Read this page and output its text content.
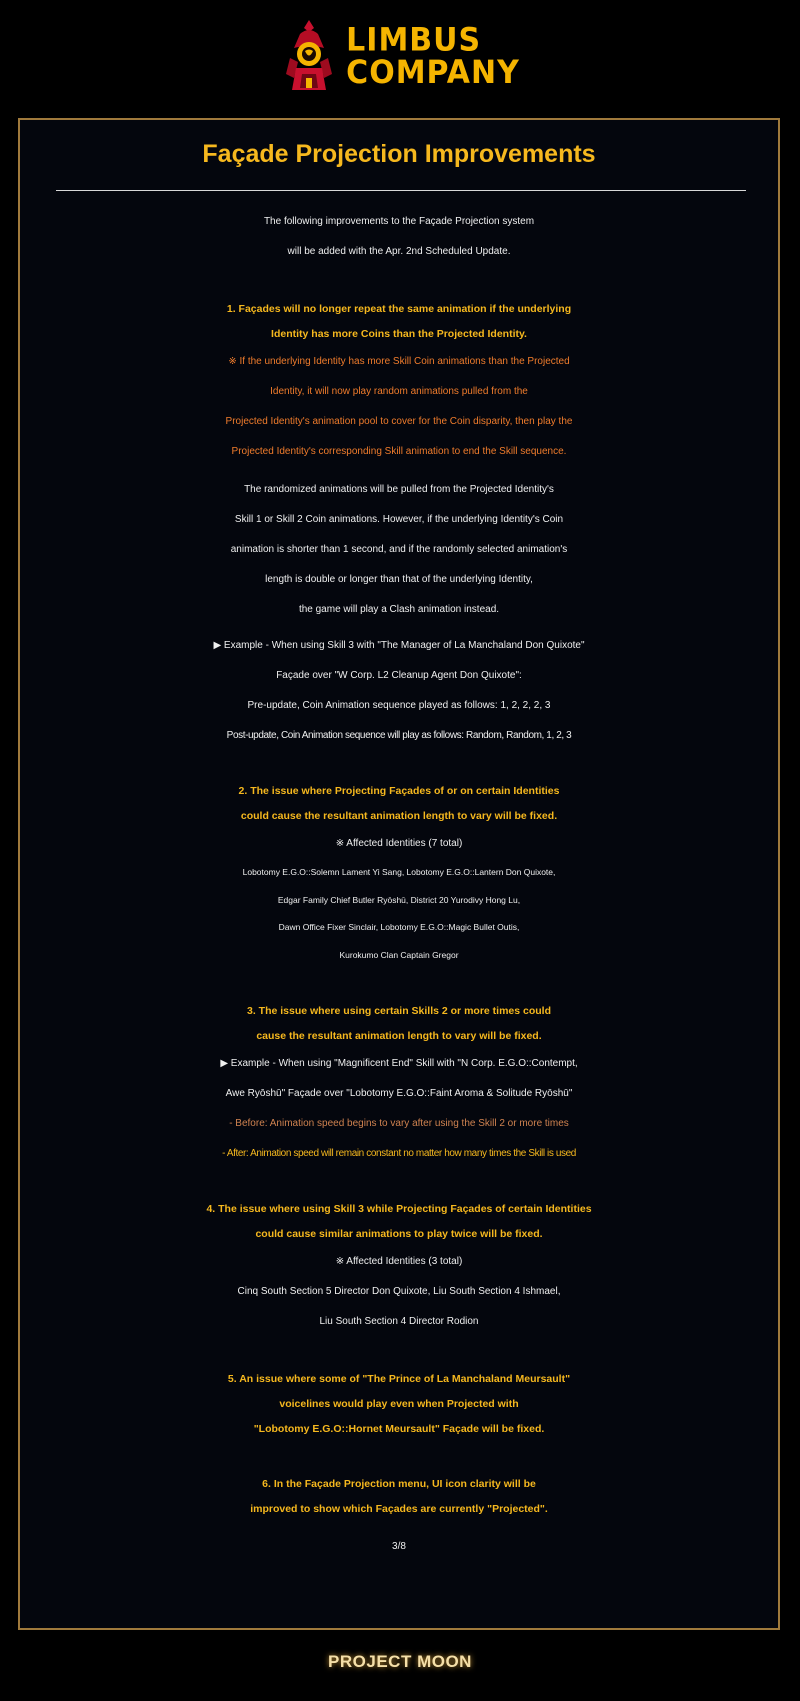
LIMBUS
COMPANY
Façade Projection Improvements

The following improvements to the Façade Projection system

will be added with the Apr. 2nd Scheduled Update.

1. Façades will no longer repeat the same animation if the underlying

Identity has more Coins than the Projected Identity.

※ If the underlying Identity has more Skill Coin animations than the Projected

Identity, it will now play random animations pulled from the

Projected Identity's animation pool to cover for the Coin disparity, then play the

Projected Identity's corresponding Skill animation to end the Skill sequence.

The randomized animations will be pulled from the Projected Identity's

Skill 1 or Skill 2 Coin animations. However, if the underlying Identity's Coin

animation is shorter than 1 second, and if the randomly selected animation's

length is double or longer than that of the underlying Identity,

the game will play a Clash animation instead.

▶ Example - When using Skill 3 with "The Manager of La Manchaland Don Quixote"

Façade over "W Corp. L2 Cleanup Agent Don Quixote":

Pre-update, Coin Animation sequence played as follows: 1, 2, 2, 2, 3

Post-update, Coin Animation sequence will play as follows: Random, Random, 1, 2, 3

2. The issue where Projecting Façades of or on certain Identities

could cause the resultant animation length to vary will be fixed.

※ Affected Identities (7 total)

Lobotomy E.G.O::Solemn Lament Yi Sang, Lobotomy E.G.O::Lantern Don Quixote,

Edgar Family Chief Butler Ryōshū, District 20 Yurodivy Hong Lu,

Dawn Office Fixer Sinclair, Lobotomy E.G.O::Magic Bullet Outis,

Kurokumo Clan Captain Gregor

3. The issue where using certain Skills 2 or more times could

cause the resultant animation length to vary will be fixed.

▶ Example - When using "Magnificent End" Skill with "N Corp. E.G.O::Contempt,

Awe Ryōshū" Façade over "Lobotomy E.G.O::Faint Aroma & Solitude Ryōshū"

- Before: Animation speed begins to vary after using the Skill 2 or more times

- After: Animation speed will remain constant no matter how many times the Skill is used

4. The issue where using Skill 3 while Projecting Façades of certain Identities

could cause similar animations to play twice will be fixed.

※ Affected Identities (3 total)

Cinq South Section 5 Director Don Quixote, Liu South Section 4 Ishmael,

Liu South Section 4 Director Rodion

5. An issue where some of "The Prince of La Manchaland Meursault"

voicelines would play even when Projected with

"Lobotomy E.G.O::Hornet Meursault" Façade will be fixed.

6. In the Façade Projection menu, UI icon clarity will be

improved to show which Façades are currently "Projected".

3/8

PROJECT MOON
